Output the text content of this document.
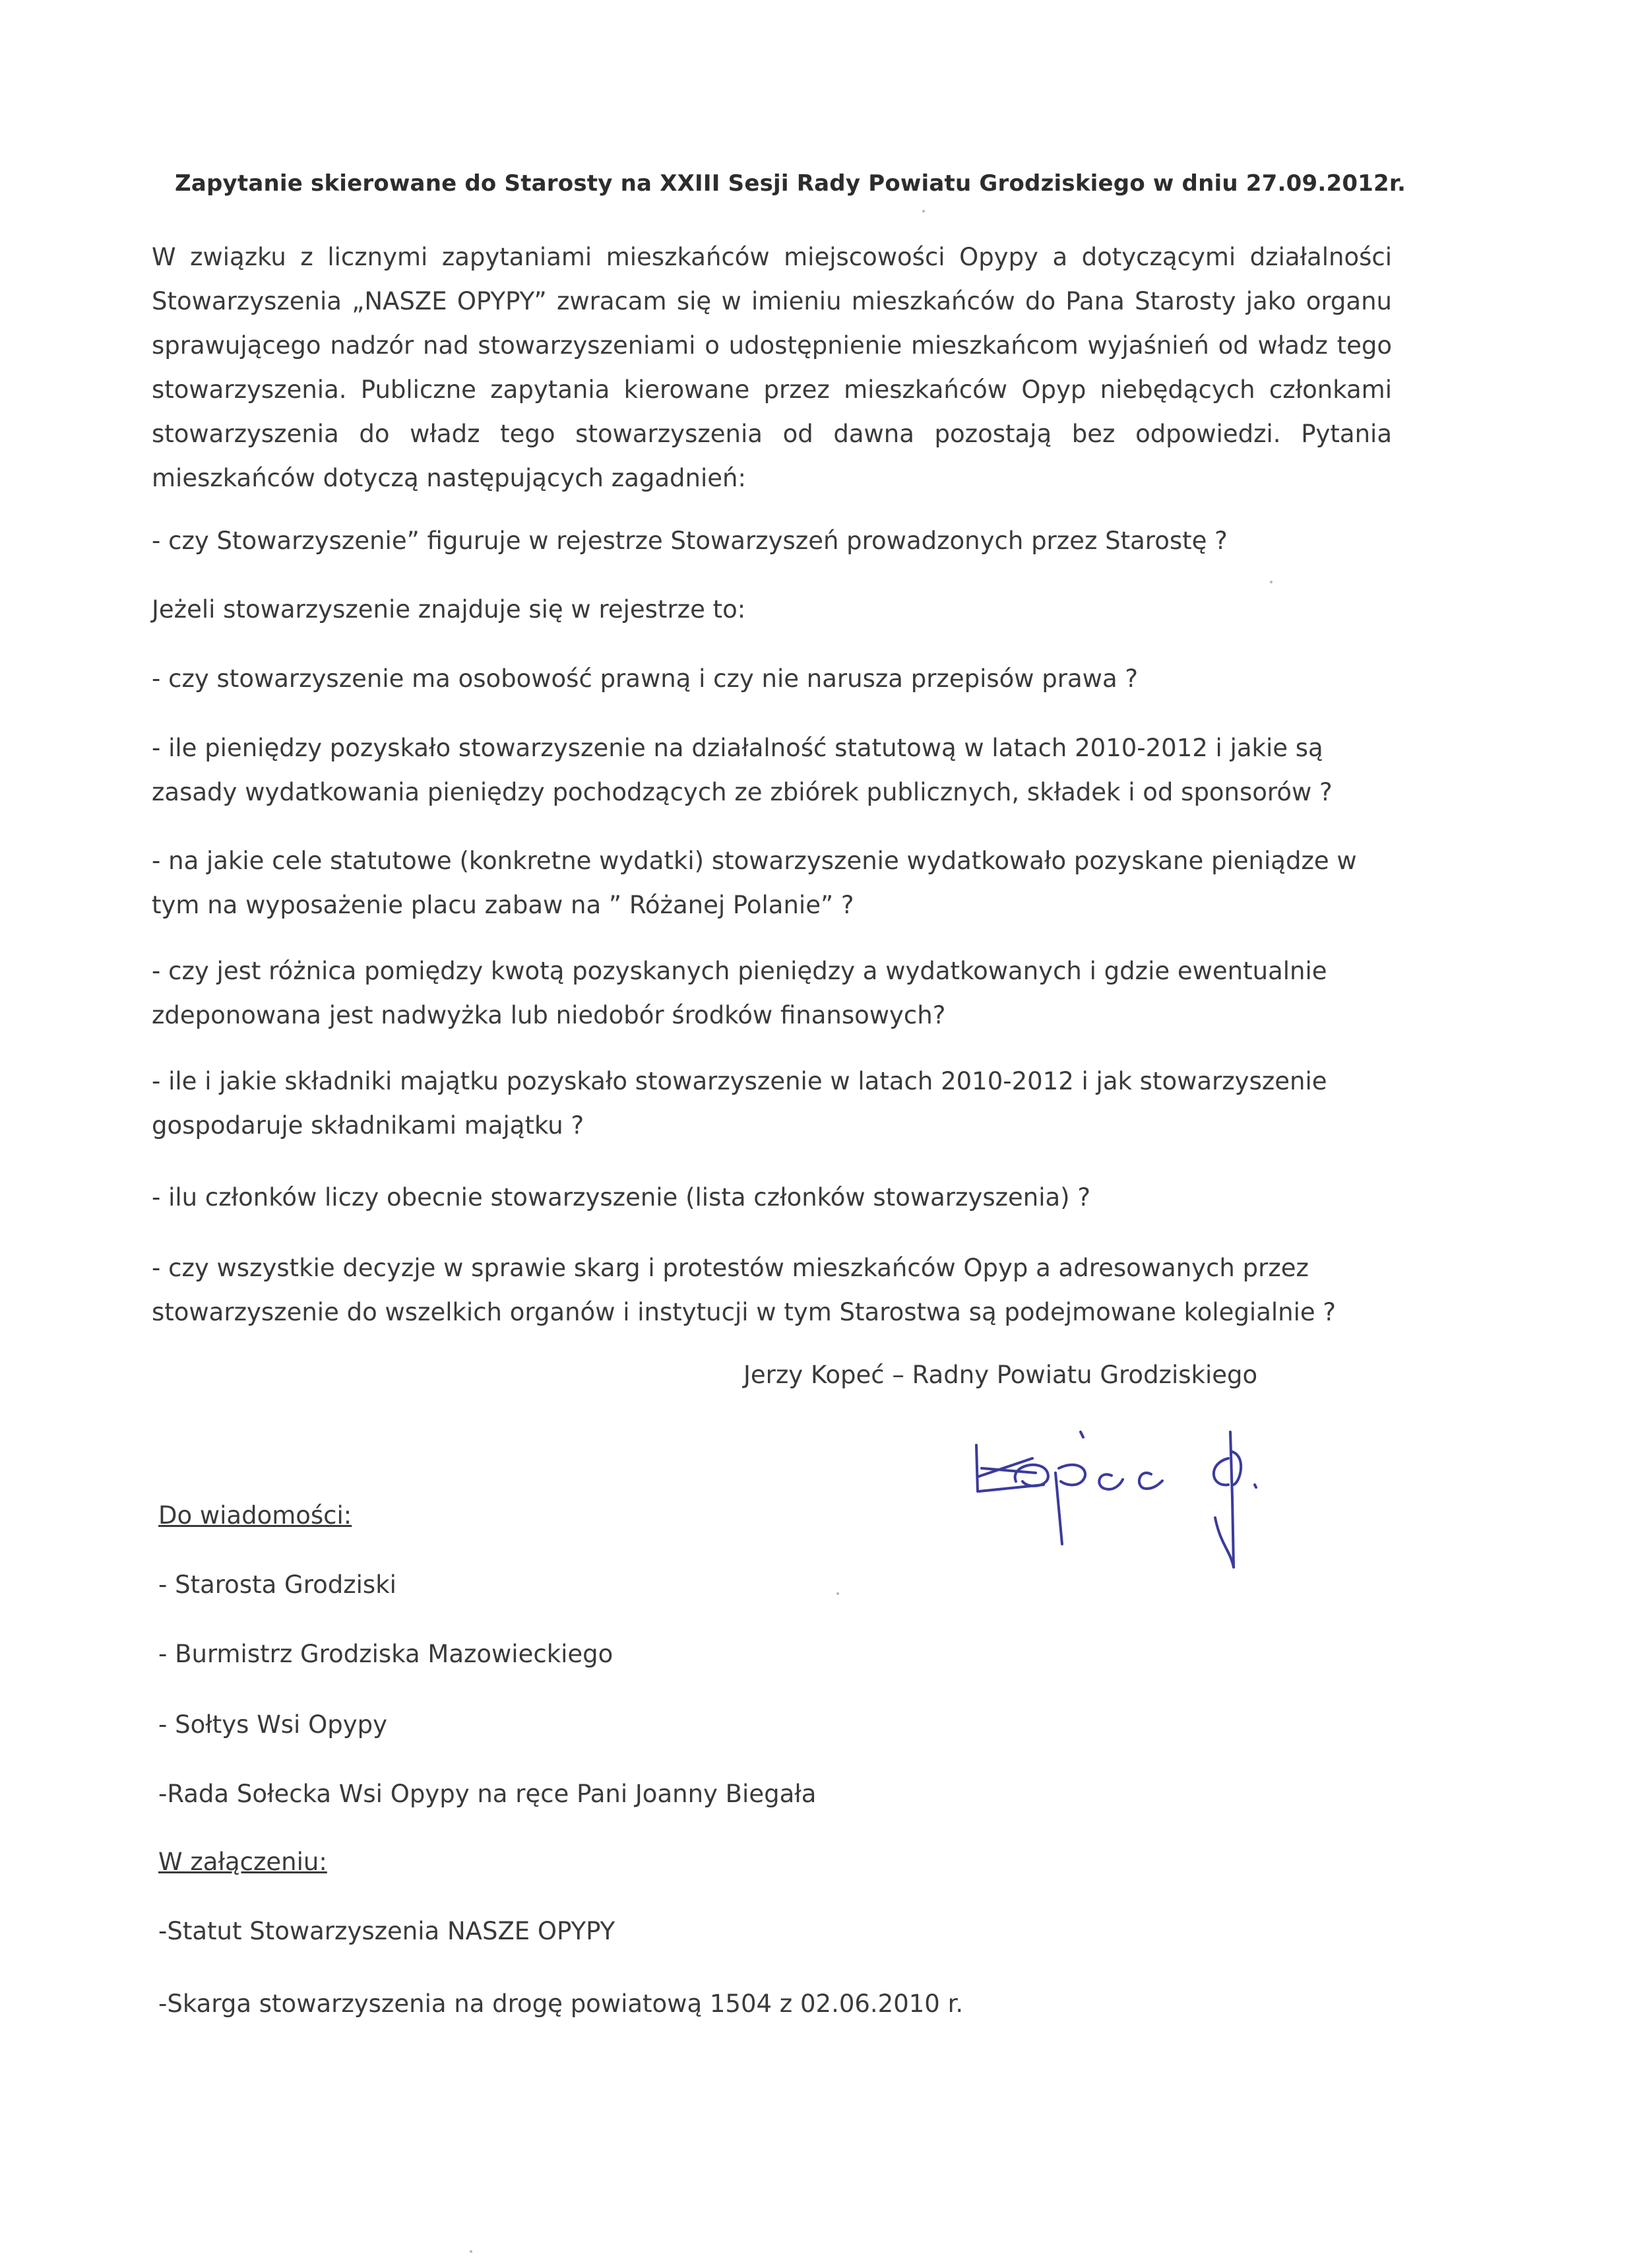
Zapytanie skierowane do Starosty na XXIII Sesji Rady Powiatu Grodziskiego w dniu 27.09.2012r.

W związku z licznymi zapytaniami mieszkańców miejscowości Opypy a dotyczącymi działalności Stowarzyszenia „NASZE OPYPY” zwracam się w imieniu mieszkańców do Pana Starosty jako organu sprawującego nadzór nad stowarzyszeniami o udostępnienie mieszkańcom wyjaśnień od władz tego stowarzyszenia. Publiczne zapytania kierowane przez mieszkańców Opyp niebędących członkami stowarzyszenia do władz tego stowarzyszenia od dawna pozostają bez odpowiedzi. Pytania mieszkańców dotyczą następujących zagadnień:

- czy Stowarzyszenie” figuruje w rejestrze Stowarzyszeń prowadzonych przez Starostę ?

Jeżeli stowarzyszenie znajduje się w rejestrze to:

- czy stowarzyszenie ma osobowość prawną i czy nie narusza przepisów prawa ?

- ile pieniędzy pozyskało stowarzyszenie na działalność statutową w latach 2010-2012 i jakie są zasady wydatkowania pieniędzy pochodzących ze zbiórek publicznych, składek i od sponsorów ?

- na jakie cele statutowe (konkretne wydatki) stowarzyszenie wydatkowało pozyskane pieniądze w tym na wyposażenie placu zabaw na ” Różanej Polanie” ?

- czy jest różnica pomiędzy kwotą pozyskanych pieniędzy a wydatkowanych i gdzie ewentualnie zdeponowana jest nadwyżka lub niedobór środków finansowych?

- ile i jakie składniki majątku pozyskało stowarzyszenie w latach 2010-2012 i jak stowarzyszenie gospodaruje składnikami majątku ?

- ilu członków liczy obecnie stowarzyszenie (lista członków stowarzyszenia) ?

- czy wszystkie decyzje w sprawie skarg i protestów mieszkańców Opyp a adresowanych przez stowarzyszenie do wszelkich organów i instytucji w tym Starostwa są podejmowane kolegialnie ?

Jerzy Kopeć – Radny Powiatu Grodziskiego
Do wiadomości:
- Starosta Grodziski
- Burmistrz Grodziska Mazowieckiego
- Sołtys Wsi Opypy
-Rada Sołecka Wsi Opypy na ręce Pani Joanny Biegała
W załączeniu:
-Statut Stowarzyszenia NASZE OPYPY
-Skarga stowarzyszenia na drogę powiatową 1504 z 02.06.2010 r.
